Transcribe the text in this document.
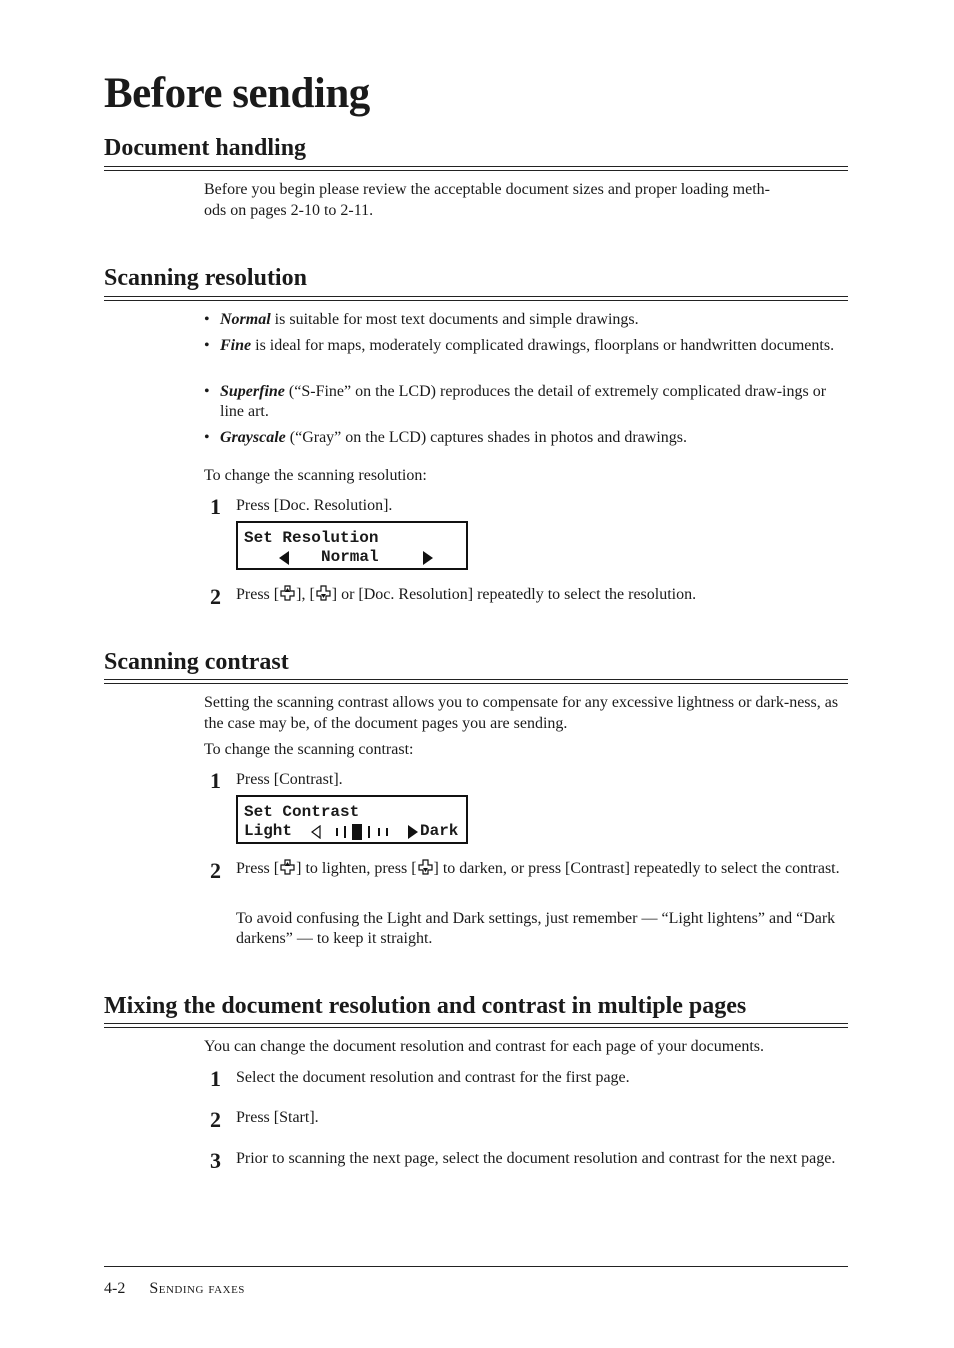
Before sending
Document handling

Before you begin please review the acceptable document sizes and proper loading meth-
ods on pages 2-10 to 2-11.

Scanning resolution
• Normal is suitable for most text documents and simple drawings.
• Fine is ideal for maps, moderately complicated drawings, floorplans or handwritten documents.
• Superfine (“S-Fine” on the LCD) reproduces the detail of extremely complicated draw-ings or line art.
• Grayscale (“Gray” on the LCD) captures shades in photos and drawings.

To change the scanning resolution:

1 Press [Doc. Resolution].
Set Resolution

Normal

2 Press [ ], [ ] or [Doc. Resolution] repeatedly to select the resolution.
Scanning contrast

Setting the scanning contrast allows you to compensate for any excessive lightness or dark-ness, as the case may be, of the document pages you are sending.

To change the scanning contrast:

1 Press [Contrast].
Set Contrast

Light

	Dark

2 Press [ ] to lighten, press [ ] to darken, or press [Contrast] repeatedly to select the contrast.
To avoid confusing the Light and Dark settings, just remember — “Light lightens” and “Dark darkens” — to keep it straight.
Mixing the document resolution and contrast in multiple pages

You can change the document resolution and contrast for each page of your documents.

1 Select the document resolution and contrast for the first page.
2 Press [Start].
3 Prior to scanning the next page, select the document resolution and contrast for the next page.
4-2 Sending faxes
